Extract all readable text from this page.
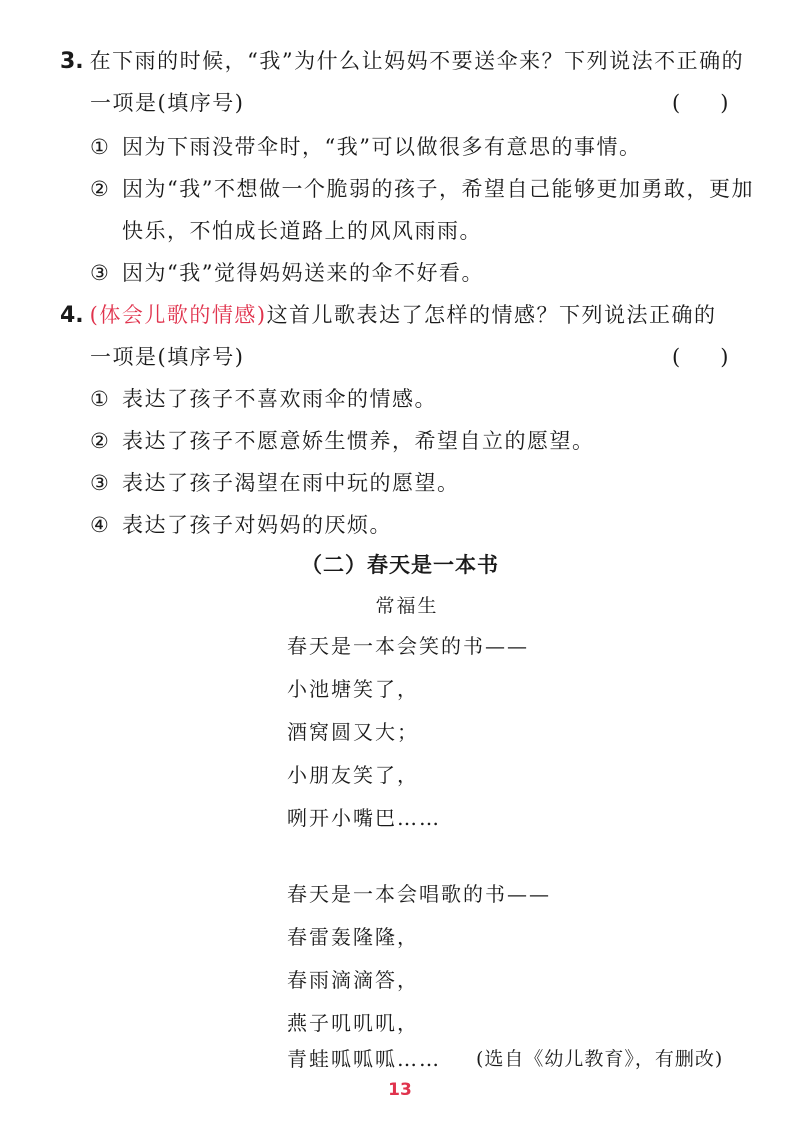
3. 在下雨的时候，“我”为什么让妈妈不要送伞来？下列说法不正确的
一项是(填序号)	(      )
① 因为下雨没带伞时，“我”可以做很多有意思的事情。
② 因为“我”不想做一个脆弱的孩子，希望自己能够更加勇敢，更加
快乐，不怕成长道路上的风风雨雨。
③ 因为“我”觉得妈妈送来的伞不好看。
4. (体会儿歌的情感)这首儿歌表达了怎样的情感？下列说法正确的
一项是(填序号)	(      )
① 表达了孩子不喜欢雨伞的情感。
② 表达了孩子不愿意娇生惯养，希望自立的愿望。
③ 表达了孩子渴望在雨中玩的愿望。
④ 表达了孩子对妈妈的厌烦。
（二）春天是一本书
常福生
春天是一本会笑的书——
小池塘笑了，
酒窝圆又大；
小朋友笑了，
咧开小嘴巴……
春天是一本会唱歌的书——
春雷轰隆隆，
春雨滴滴答，
燕子叽叽叽，
青蛙呱呱呱…… (选自《幼儿教育》，有删改)
13
